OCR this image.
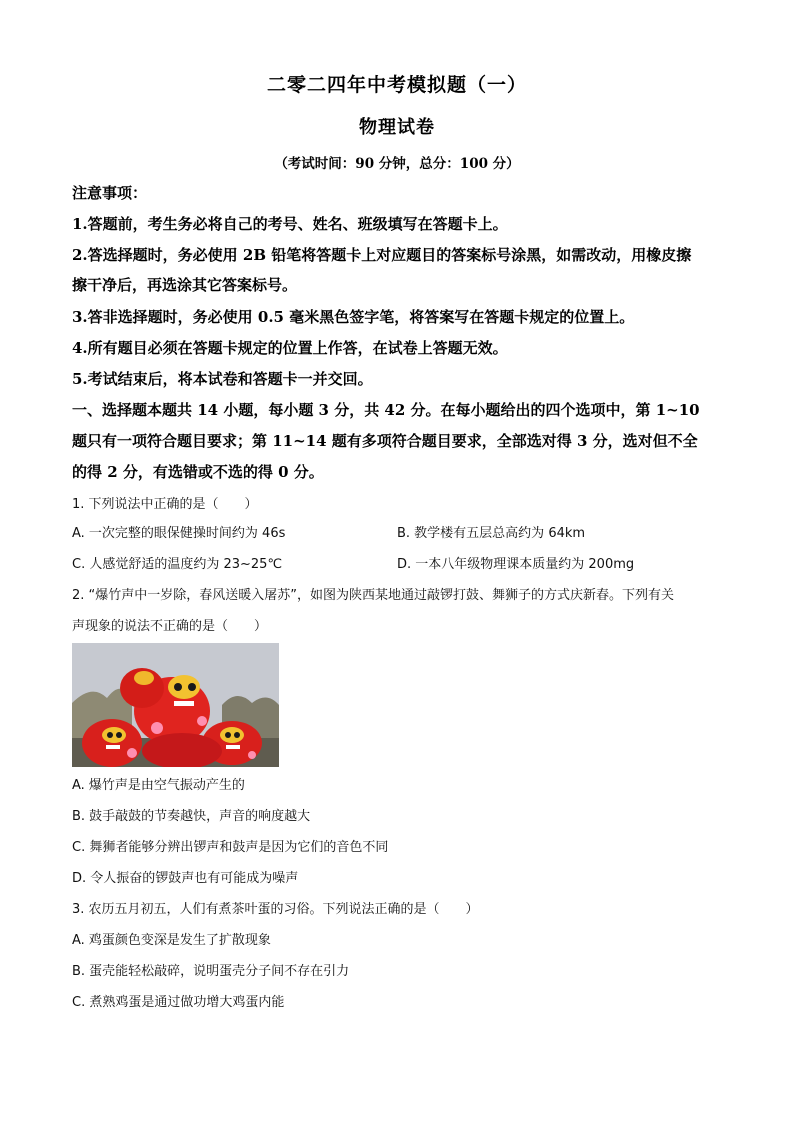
二零二四年中考模拟题（一）
物理试卷
（考试时间：90 分钟，总分：100 分）
注意事项：
1.答题前，考生务必将自己的考号、姓名、班级填写在答题卡上。
2.答选择题时，务必使用 2B 铅笔将答题卡上对应题目的答案标号涂黑，如需改动，用橡皮擦
擦干净后，再选涂其它答案标号。
3.答非选择题时，务必使用 0.5 毫米黑色签字笔，将答案写在答题卡规定的位置上。
4.所有题目必须在答题卡规定的位置上作答，在试卷上答题无效。
5.考试结束后，将本试卷和答题卡一并交回。
一、选择题本题共 14 小题，每小题 3 分，共 42 分。在每小题给出的四个选项中，第 1~10
题只有一项符合题目要求；第 11~14 题有多项符合题目要求，全部选对得 3 分，选对但不全
的得 2 分，有选错或不选的得 0 分。
1. 下列说法中正确的是（　　）
A. 一次完整的眼保健操时间约为 46s	B. 教学楼有五层总高约为 64km
C. 人感觉舒适的温度约为 23~25℃	D. 一本八年级物理课本质量约为 200mg
2. “爆竹声中一岁除，春风送暖入屠苏”，如图为陕西某地通过敲锣打鼓、舞狮子的方式庆新春。下列有关
声现象的说法不正确的是（　　）
A. 爆竹声是由空气振动产生的
B. 鼓手敲鼓的节奏越快，声音的响度越大
C. 舞狮者能够分辨出锣声和鼓声是因为它们的音色不同
D. 令人振奋的锣鼓声也有可能成为噪声
3. 农历五月初五，人们有煮茶叶蛋的习俗。下列说法正确的是（　　）
A. 鸡蛋颜色变深是发生了扩散现象
B. 蛋壳能轻松敲碎，说明蛋壳分子间不存在引力
C. 煮熟鸡蛋是通过做功增大鸡蛋内能
